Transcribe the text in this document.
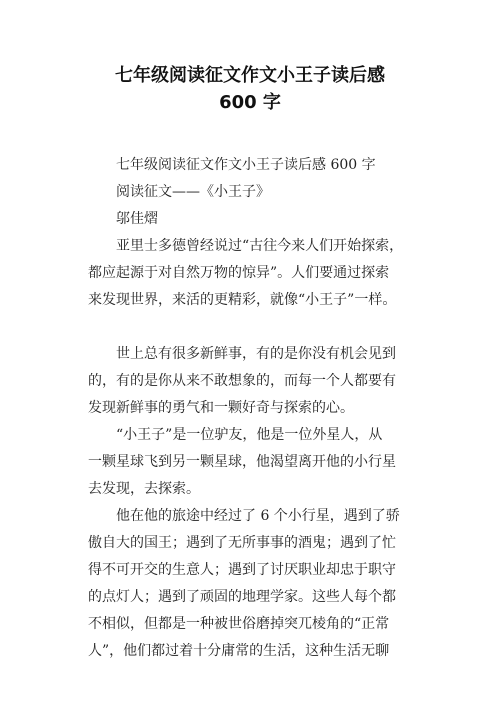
七年级阅读征文作文小王子读后感
600 字
七年级阅读征文作文小王子读后感 600 字
阅读征文——《小王子》
邬佳熠
亚里士多德曾经说过“古往今来人们开始探索，
都应起源于对自然万物的惊异”。人们要通过探索
来发现世界，来活的更精彩，就像“小王子”一样。
世上总有很多新鲜事，有的是你没有机会见到
的，有的是你从来不敢想象的，而每一个人都要有
发现新鲜事的勇气和一颗好奇与探索的心。
“小王子”是一位驴友，他是一位外星人，从
一颗星球飞到另一颗星球，他渴望离开他的小行星
去发现，去探索。
他在他的旅途中经过了 6 个小行星，遇到了骄
傲自大的国王；遇到了无所事事的酒鬼；遇到了忙
得不可开交的生意人；遇到了讨厌职业却忠于职守
的点灯人；遇到了顽固的地理学家。这些人每个都
不相似，但都是一种被世俗磨掉突兀棱角的“正常
人”，他们都过着十分庸常的生活，这种生活无聊
